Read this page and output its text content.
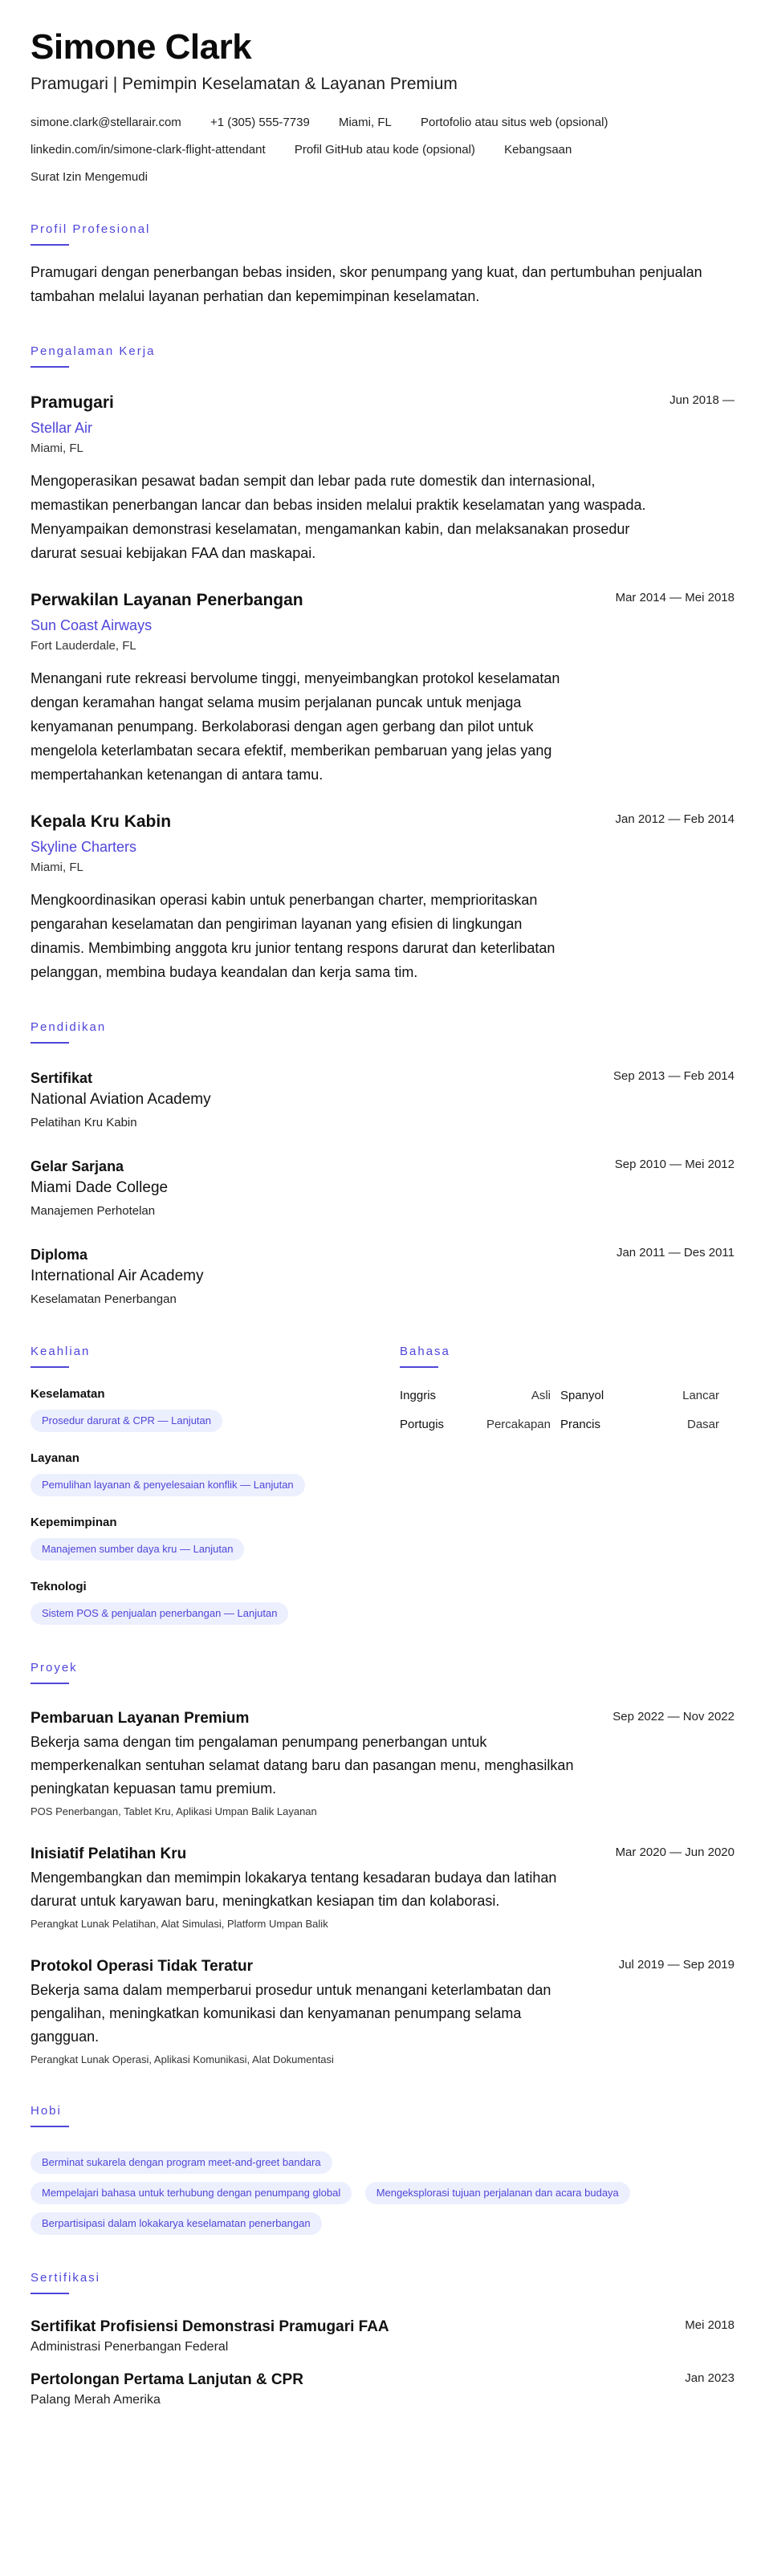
Simone Clark
Pramugari | Pemimpin Keselamatan & Layanan Premium
simone.clark@stellarair.com +1 (305) 555-7739 Miami, FL Portofolio atau situs web (opsional)
linkedin.com/in/simone-clark-flight-attendant Profil GitHub atau kode (opsional) Kebangsaan
Surat Izin Mengemudi
Profil Profesional
Pramugari dengan penerbangan bebas insiden, skor penumpang yang kuat, dan pertumbuhan penjualan tambahan melalui layanan perhatian dan kepemimpinan keselamatan.
Pengalaman Kerja
Pramugari	Jun 2018 —
Stellar Air
Miami, FL
Mengoperasikan pesawat badan sempit dan lebar pada rute domestik dan internasional, memastikan penerbangan lancar dan bebas insiden melalui praktik keselamatan yang waspada. Menyampaikan demonstrasi keselamatan, mengamankan kabin, dan melaksanakan prosedur darurat sesuai kebijakan FAA dan maskapai.
Perwakilan Layanan Penerbangan	Mar 2014 — Mei 2018
Sun Coast Airways
Fort Lauderdale, FL
Menangani rute rekreasi bervolume tinggi, menyeimbangkan protokol keselamatan dengan keramahan hangat selama musim perjalanan puncak untuk menjaga kenyamanan penumpang. Berkolaborasi dengan agen gerbang dan pilot untuk mengelola keterlambatan secara efektif, memberikan pembaruan yang jelas yang mempertahankan ketenangan di antara tamu.
Kepala Kru Kabin	Jan 2012 — Feb 2014
Skyline Charters
Miami, FL
Mengkoordinasikan operasi kabin untuk penerbangan charter, memprioritaskan pengarahan keselamatan dan pengiriman layanan yang efisien di lingkungan dinamis. Membimbing anggota kru junior tentang respons darurat dan keterlibatan pelanggan, membina budaya keandalan dan kerja sama tim.
Pendidikan
Sertifikat	Sep 2013 — Feb 2014
National Aviation Academy
Pelatihan Kru Kabin
Gelar Sarjana	Sep 2010 — Mei 2012
Miami Dade College
Manajemen Perhotelan
Diploma	Jan 2011 — Des 2011
International Air Academy
Keselamatan Penerbangan
Keahlian
Keselamatan
Prosedur darurat & CPR — Lanjutan
Layanan
Pemulihan layanan & penyelesaian konflik — Lanjutan
Kepemimpinan
Manajemen sumber daya kru — Lanjutan
Teknologi
Sistem POS & penjualan penerbangan — Lanjutan
Bahasa
Inggris	Asli Spanyol	Lancar
Portugis	Percakapan Prancis	Dasar
Proyek
Pembaruan Layanan Premium	Sep 2022 — Nov 2022
Bekerja sama dengan tim pengalaman penumpang penerbangan untuk memperkenalkan sentuhan selamat datang baru dan pasangan menu, menghasilkan peningkatan kepuasan tamu premium.
POS Penerbangan, Tablet Kru, Aplikasi Umpan Balik Layanan
Inisiatif Pelatihan Kru	Mar 2020 — Jun 2020
Mengembangkan dan memimpin lokakarya tentang kesadaran budaya dan latihan darurat untuk karyawan baru, meningkatkan kesiapan tim dan kolaborasi.
Perangkat Lunak Pelatihan, Alat Simulasi, Platform Umpan Balik
Protokol Operasi Tidak Teratur	Jul 2019 — Sep 2019
Bekerja sama dalam memperbarui prosedur untuk menangani keterlambatan dan pengalihan, meningkatkan komunikasi dan kenyamanan penumpang selama gangguan.
Perangkat Lunak Operasi, Aplikasi Komunikasi, Alat Dokumentasi
Hobi
Berminat sukarela dengan program meet-and-greet bandara
Mempelajari bahasa untuk terhubung dengan penumpang global	Mengeksplorasi tujuan perjalanan dan acara budaya
Berpartisipasi dalam lokakarya keselamatan penerbangan
Sertifikasi
Sertifikat Profisiensi Demonstrasi Pramugari FAA	Mei 2018
Administrasi Penerbangan Federal
Pertolongan Pertama Lanjutan & CPR	Jan 2023
Palang Merah Amerika
